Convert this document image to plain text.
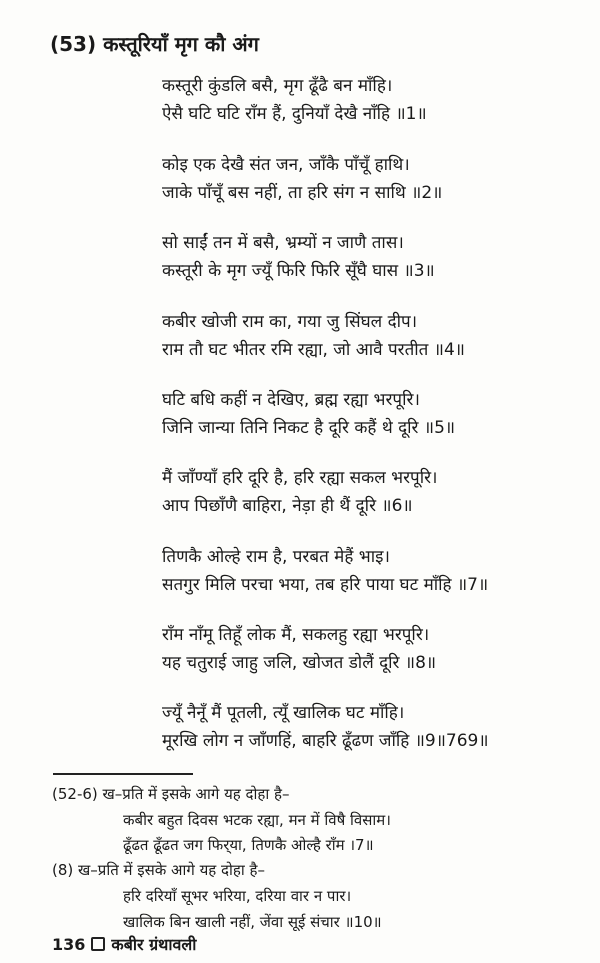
(53) कस्तूरियाँ मृग कौ अंग
कस्तूरी कुंडलि बसै, मृग ढूँढै बन माँहि।
ऐसै घटि घटि राँम हैं, दुनियाँ देखै नाँहि ॥1॥
कोइ एक देखै संत जन, जाँकै पाँचूँ हाथि।
जाके पाँचूँ बस नहीं, ता हरि संग न साथि ॥2॥
सो साईं तन में बसै, भ्रम्यों न जाणै तास।
कस्तूरी के मृग ज्यूँ फिरि फिरि सूँघै घास ॥3॥
कबीर खोजी राम का, गया जु सिंघल दीप।
राम तौ घट भीतर रमि रह्या, जो आवै परतीत ॥4॥
घटि बधि कहीं न देखिए, ब्रह्म रह्या भरपूरि।
जिनि जान्या तिनि निकट है दूरि कहैं थे दूरि ॥5॥
मैं जाँण्याँ हरि दूरि है, हरि रह्या सकल भरपूरि।
आप पिछाँणै बाहिरा, नेड़ा ही थैं दूरि ॥6॥
तिणकै ओल्हे राम है, परबत मेहैं भाइ।
सतगुर मिलि परचा भया, तब हरि पाया घट माँहि ॥7॥
राँम नाँमू तिहूँ लोक मैं, सकलहु रह्या भरपूरि।
यह चतुराई जाहु जलि, खोजत डोलैं दूरि ॥8॥
ज्यूँ नैनूँ मैं पूतली, त्यूँ खालिक घट माँहि।
मूरखि लोग न जाँणहिं, बाहरि ढूँढण जाँहि ॥9॥769॥
(52-6) ख–प्रति में इसके आगे यह दोहा है–
कबीर बहुत दिवस भटक रह्या, मन में विषै विसाम।
ढूँढत ढूँढत जग फिर्‌या, तिणकै ओल्है राँम ।7॥
(8) ख–प्रति में इसके आगे यह दोहा है–
हरि दरियाँ सूभर भरिया, दरिया वार न पार।
खालिक बिन खाली नहीं, जेंवा सूई संचार ॥10॥
136 कबीर ग्रंथावली
